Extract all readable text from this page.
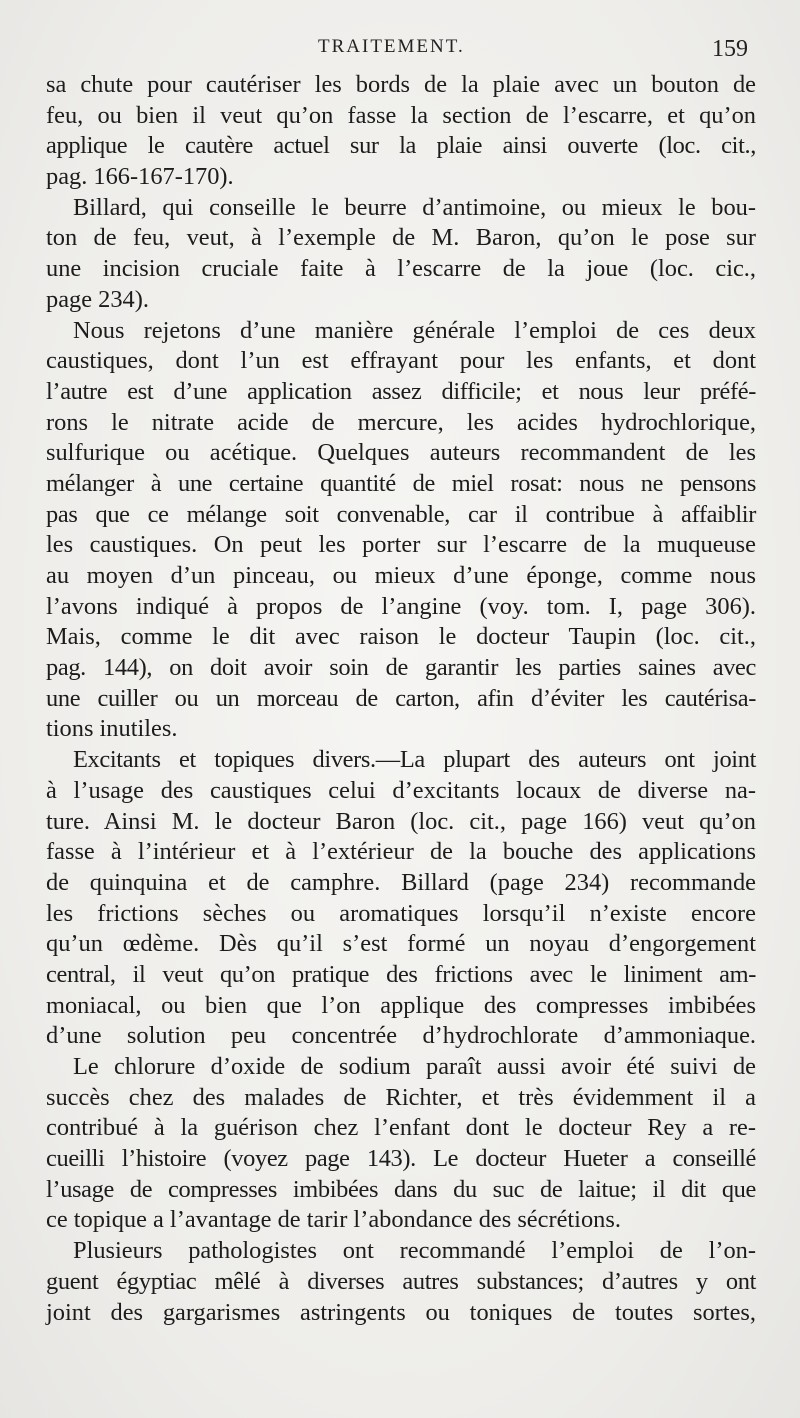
TRAITEMENT.	159
sa chute pour cautériser les bords de la plaie avec un bouton de
feu, ou bien il veut qu’on fasse la section de l’escarre, et qu’on
applique le cautère actuel sur la plaie ainsi ouverte (loc. cit.,
pag. 166-167-170).
Billard, qui conseille le beurre d’antimoine, ou mieux le bou-
ton de feu, veut, à l’exemple de M. Baron, qu’on le pose sur
une incision cruciale faite à l’escarre de la joue (loc. cic.,
page 234).
Nous rejetons d’une manière générale l’emploi de ces deux
caustiques, dont l’un est effrayant pour les enfants, et dont
l’autre est d’une application assez difficile; et nous leur préfé-
rons le nitrate acide de mercure, les acides hydrochlorique,
sulfurique ou acétique. Quelques auteurs recommandent de les
mélanger à une certaine quantité de miel rosat: nous ne pensons
pas que ce mélange soit convenable, car il contribue à affaiblir
les caustiques. On peut les porter sur l’escarre de la muqueuse
au moyen d’un pinceau, ou mieux d’une éponge, comme nous
l’avons indiqué à propos de l’angine (voy. tom. I, page 306).
Mais, comme le dit avec raison le docteur Taupin (loc. cit.,
pag. 144), on doit avoir soin de garantir les parties saines avec
une cuiller ou un morceau de carton, afin d’éviter les cautérisa-
tions inutiles.
Excitants et topiques divers.—La plupart des auteurs ont joint
à l’usage des caustiques celui d’excitants locaux de diverse na-
ture. Ainsi M. le docteur Baron (loc. cit., page 166) veut qu’on
fasse à l’intérieur et à l’extérieur de la bouche des applications
de quinquina et de camphre. Billard (page 234) recommande
les frictions sèches ou aromatiques lorsqu’il n’existe encore
qu’un œdème. Dès qu’il s’est formé un noyau d’engorgement
central, il veut qu’on pratique des frictions avec le liniment am-
moniacal, ou bien que l’on applique des compresses imbibées
d’une solution peu concentrée d’hydrochlorate d’ammoniaque.
Le chlorure d’oxide de sodium paraît aussi avoir été suivi de
succès chez des malades de Richter, et très évidemment il a
contribué à la guérison chez l’enfant dont le docteur Rey a re-
cueilli l’histoire (voyez page 143). Le docteur Hueter a conseillé
l’usage de compresses imbibées dans du suc de laitue; il dit que
ce topique a l’avantage de tarir l’abondance des sécrétions.
Plusieurs pathologistes ont recommandé l’emploi de l’on-
guent égyptiac mêlé à diverses autres substances; d’autres y ont
joint des gargarismes astringents ou toniques de toutes sortes,
